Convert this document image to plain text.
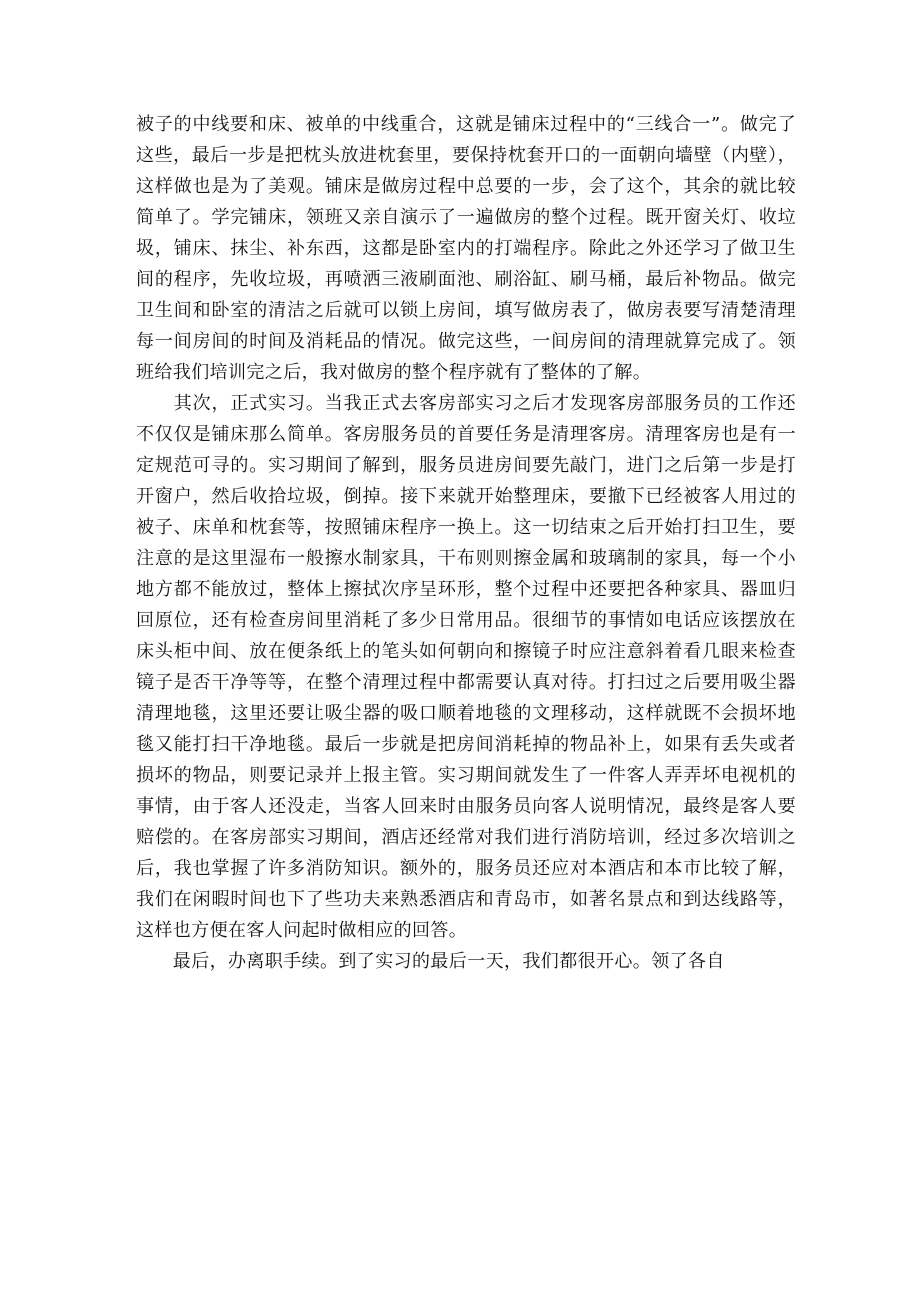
被子的中线要和床、被单的中线重合，这就是铺床过程中的“三线合一”。做完了这些，最后一步是把枕头放进枕套里，要保持枕套开口的一面朝向墙壁（内壁），这样做也是为了美观。铺床是做房过程中总要的一步，会了这个，其余的就比较简单了。学完铺床，领班又亲自演示了一遍做房的整个过程。既开窗关灯、收垃圾，铺床、抹尘、补东西，这都是卧室内的打端程序。除此之外还学习了做卫生间的程序，先收垃圾，再喷洒三液刷面池、刷浴缸、刷马桶，最后补物品。做完卫生间和卧室的清洁之后就可以锁上房间，填写做房表了，做房表要写清楚清理每一间房间的时间及消耗品的情况。做完这些，一间房间的清理就算完成了。领班给我们培训完之后，我对做房的整个程序就有了整体的了解。

　　其次，正式实习。当我正式去客房部实习之后才发现客房部服务员的工作还不仅仅是铺床那么简单。客房服务员的首要任务是清理客房。清理客房也是有一定规范可寻的。实习期间了解到，服务员进房间要先敲门，进门之后第一步是打开窗户，然后收拾垃圾，倒掉。接下来就开始整理床，要撤下已经被客人用过的被子、床单和枕套等，按照铺床程序一换上。这一切结束之后开始打扫卫生，要注意的是这里湿布一般擦水制家具，干布则则擦金属和玻璃制的家具，每一个小地方都不能放过，整体上擦拭次序呈环形，整个过程中还要把各种家具、器皿归回原位，还有检查房间里消耗了多少日常用品。很细节的事情如电话应该摆放在床头柜中间、放在便条纸上的笔头如何朝向和擦镜子时应注意斜着看几眼来检查镜子是否干净等等，在整个清理过程中都需要认真对待。打扫过之后要用吸尘器清理地毯，这里还要让吸尘器的吸口顺着地毯的文理移动，这样就既不会损坏地毯又能打扫干净地毯。最后一步就是把房间消耗掉的物品补上，如果有丢失或者损坏的物品，则要记录并上报主管。实习期间就发生了一件客人弄弄坏电视机的事情，由于客人还没走，当客人回来时由服务员向客人说明情况，最终是客人要赔偿的。在客房部实习期间，酒店还经常对我们进行消防培训，经过多次培训之后，我也掌握了许多消防知识。额外的，服务员还应对本酒店和本市比较了解，我们在闲暇时间也下了些功夫来熟悉酒店和青岛市，如著名景点和到达线路等，这样也方便在客人问起时做相应的回答。

　　最后，办离职手续。到了实习的最后一天，我们都很开心。领了各自
